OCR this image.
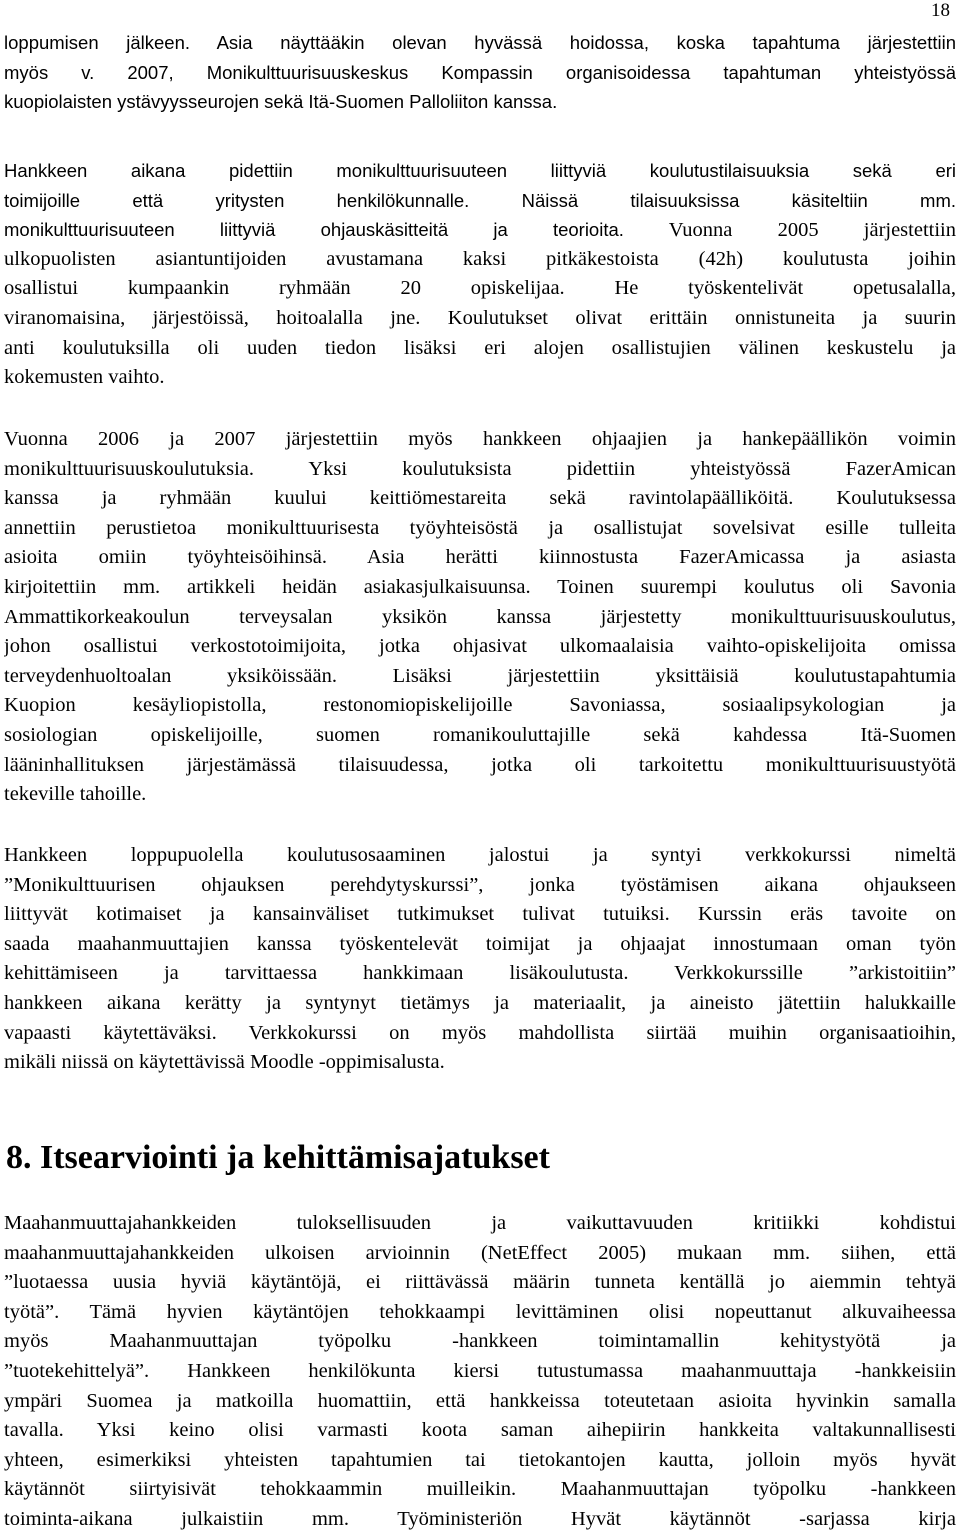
18
loppumisen jälkeen. Asia näyttääkin olevan hyvässä hoidossa, koska tapahtuma järjestettiin
myös v. 2007, Monikulttuurisuuskeskus Kompassin organisoidessa tapahtuman yhteistyössä
kuopiolaisten ystävyysseurojen sekä Itä-Suomen Palloliiton kanssa.
Hankkeen aikana pidettiin monikulttuurisuuteen liittyviä koulutustilaisuuksia sekä eri
toimijoille että yritysten henkilökunnalle. Näissä tilaisuuksissa käsiteltiin mm.
monikulttuurisuuteen liittyviä ohjauskäsitteitä ja teorioita. Vuonna 2005 järjestettiin
ulkopuolisten asiantuntijoiden avustamana kaksi pitkäkestoista (42h) koulutusta joihin
osallistui kumpaankin ryhmään 20 opiskelijaa. He työskentelivät opetusalalla,
viranomaisina, järjestöissä, hoitoalalla jne. Koulutukset olivat erittäin onnistuneita ja suurin
anti koulutuksilla oli uuden tiedon lisäksi eri alojen osallistujien välinen keskustelu ja
kokemusten vaihto.
Vuonna 2006 ja 2007 järjestettiin myös hankkeen ohjaajien ja hankepäällikön voimin
monikulttuurisuuskoulutuksia. Yksi koulutuksista pidettiin yhteistyössä FazerAmican
kanssa ja ryhmään kuului keittiömestareita sekä ravintolapäälliköitä. Koulutuksessa
annettiin perustietoa monikulttuurisesta työyhteisöstä ja osallistujat sovelsivat esille tulleita
asioita omiin työyhteisöihinsä. Asia herätti kiinnostusta FazerAmicassa ja asiasta
kirjoitettiin mm. artikkeli heidän asiakasjulkaisuunsa. Toinen suurempi koulutus oli Savonia
Ammattikorkeakoulun terveysalan yksikön kanssa järjestetty monikulttuurisuuskoulutus,
johon osallistui verkostotoimijoita, jotka ohjasivat ulkomaalaisia vaihto-opiskelijoita omissa
terveydenhuoltoalan yksiköissään. Lisäksi järjestettiin yksittäisiä koulutustapahtumia
Kuopion kesäyliopistolla, restonomiopiskelijoille Savoniassa, sosiaalipsykologian ja
sosiologian opiskelijoille, suomen romanikouluttajille sekä kahdessa Itä-Suomen
lääninhallituksen järjestämässä tilaisuudessa, jotka oli tarkoitettu monikulttuurisuustyötä
tekeville tahoille.
Hankkeen loppupuolella koulutusosaaminen jalostui ja syntyi verkkokurssi nimeltä
”Monikulttuurisen ohjauksen perehdytyskurssi”, jonka työstämisen aikana ohjaukseen
liittyvät kotimaiset ja kansainväliset tutkimukset tulivat tutuiksi. Kurssin eräs tavoite on
saada maahanmuuttajien kanssa työskentelevät toimijat ja ohjaajat innostumaan oman työn
kehittämiseen ja tarvittaessa hankkimaan lisäkoulutusta. Verkkokurssille ”arkistoitiin”
hankkeen aikana kerätty ja syntynyt tietämys ja materiaalit, ja aineisto jätettiin halukkaille
vapaasti käytettäväksi. Verkkokurssi on myös mahdollista siirtää muihin organisaatioihin,
mikäli niissä on käytettävissä Moodle -oppimisalusta.
8. Itsearviointi ja kehittämisajatukset
Maahanmuuttajahankkeiden tuloksellisuuden ja vaikuttavuuden kritiikki kohdistui
maahanmuuttajahankkeiden ulkoisen arvioinnin (NetEffect 2005) mukaan mm. siihen, että
”luotaessa uusia hyviä käytäntöjä, ei riittävässä määrin tunneta kentällä jo aiemmin tehtyä
työtä”. Tämä hyvien käytäntöjen tehokkaampi levittäminen olisi nopeuttanut alkuvaiheessa
myös Maahanmuuttajan työpolku -hankkeen toimintamallin kehitystyötä ja
”tuotekehittelyä”. Hankkeen henkilökunta kiersi tutustumassa maahanmuuttaja -hankkeisiin
ympäri Suomea ja matkoilla huomattiin, että hankkeissa toteutetaan asioita hyvinkin samalla
tavalla. Yksi keino olisi varmasti koota saman aihepiirin hankkeita valtakunnallisesti
yhteen, esimerkiksi yhteisten tapahtumien tai tietokantojen kautta, jolloin myös hyvät
käytännöt siirtyisivät tehokkaammin muilleikin. Maahanmuuttajan työpolku -hankkeen
toiminta-aikana julkaistiin mm. Työministeriön Hyvät käytännöt -sarjassa kirja
